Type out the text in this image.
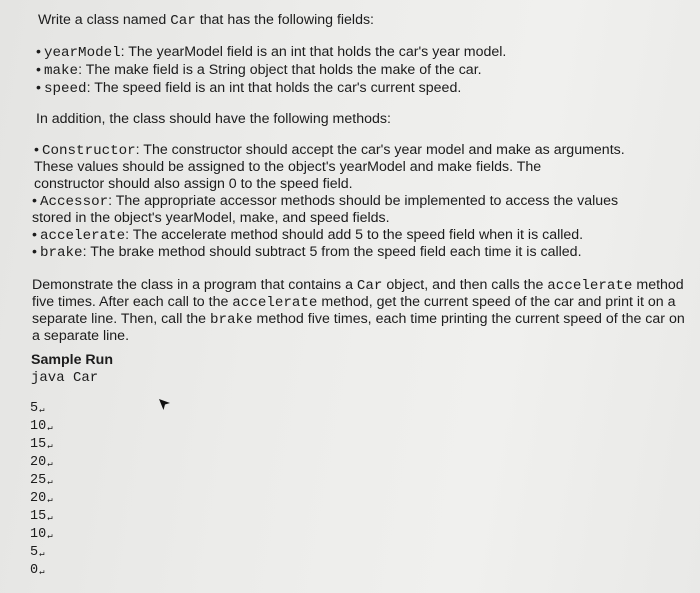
Write a class named Car that has the following fields:
• yearModel: The yearModel field is an int that holds the car's year model.
• make: The make field is a String object that holds the make of the car.
• speed: The speed field is an int that holds the car's current speed.
In addition, the class should have the following methods:
• Constructor: The constructor should accept the car's year model and make as arguments.
These values should be assigned to the object's yearModel and make fields. The
constructor should also assign 0 to the speed field.
• Accessor: The appropriate accessor methods should be implemented to access the values
stored in the object's yearModel, make, and speed fields.
• accelerate: The accelerate method should add 5 to the speed field when it is called.
• brake: The brake method should subtract 5 from the speed field each time it is called.
Demonstrate the class in a program that contains a Car object, and then calls the accelerate method
five times. After each call to the accelerate method, get the current speed of the car and print it on a
separate line. Then, call the brake method five times, each time printing the current speed of the car on
a separate line.
Sample Run
java Car
5↵
10↵
15↵
20↵
25↵
20↵
15↵
10↵
5↵
0↵
